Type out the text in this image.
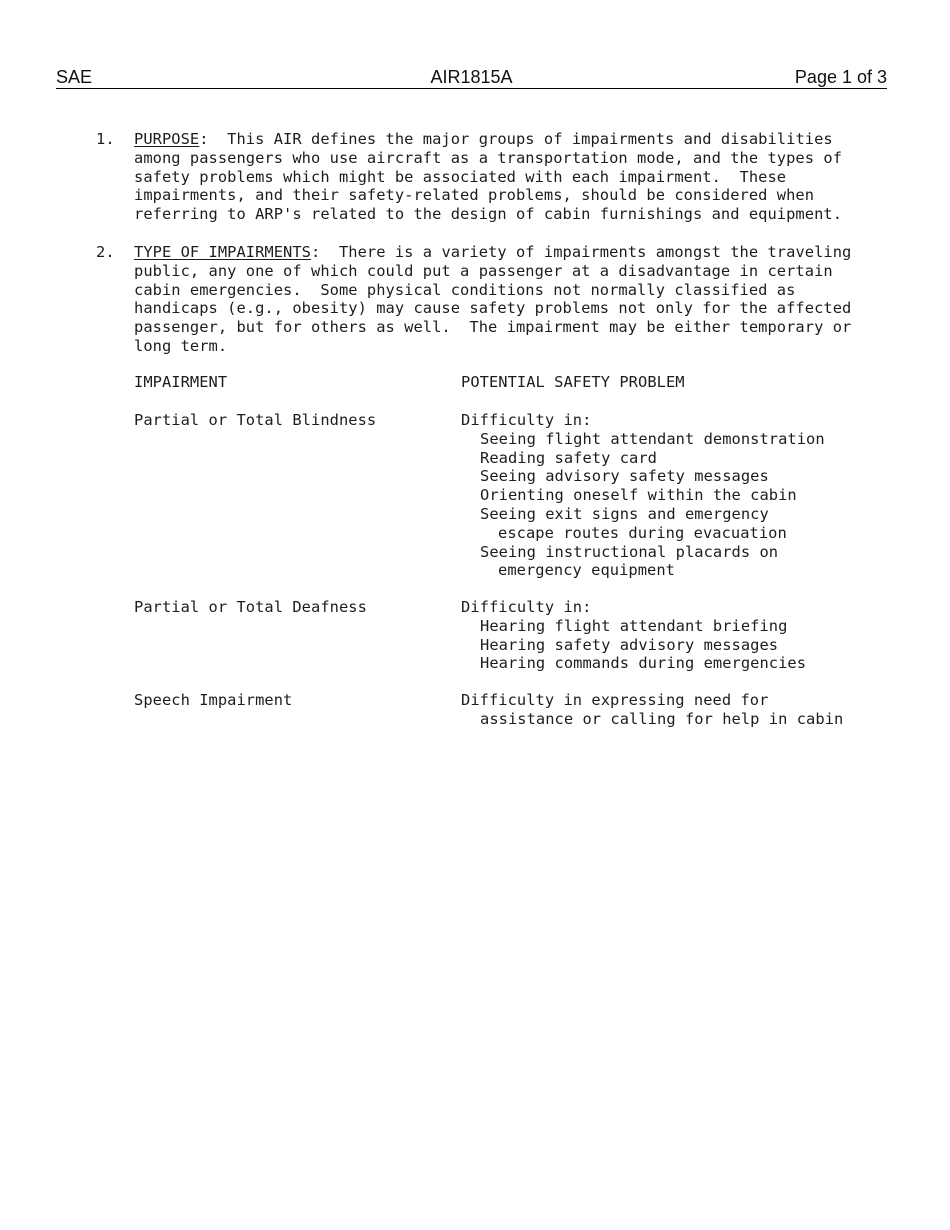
SAE	AIR1815A	Page 1 of 3
1. PURPOSE:  This AIR defines the major groups of impairments and disabilities
among passengers who use aircraft as a transportation mode, and the types of
safety problems which might be associated with each impairment.  These
impairments, and their safety-related problems, should be considered when
referring to ARP's related to the design of cabin furnishings and equipment.
2. TYPE OF IMPAIRMENTS:  There is a variety of impairments amongst the traveling
public, any one of which could put a passenger at a disadvantage in certain
cabin emergencies.  Some physical conditions not normally classified as
handicaps (e.g., obesity) may cause safety problems not only for the affected
passenger, but for others as well.  The impairment may be either temporary or
long term.
IMPAIRMENT	POTENTIAL SAFETY PROBLEM
Partial or Total Blindness	Difficulty in:
Seeing flight attendant demonstration
Reading safety card
Seeing advisory safety messages
Orienting oneself within the cabin
Seeing exit signs and emergency
escape routes during evacuation
Seeing instructional placards on
emergency equipment
Partial or Total Deafness	Difficulty in:
Hearing flight attendant briefing
Hearing safety advisory messages
Hearing commands during emergencies
Speech Impairment	Difficulty in expressing need for
assistance or calling for help in cabin
